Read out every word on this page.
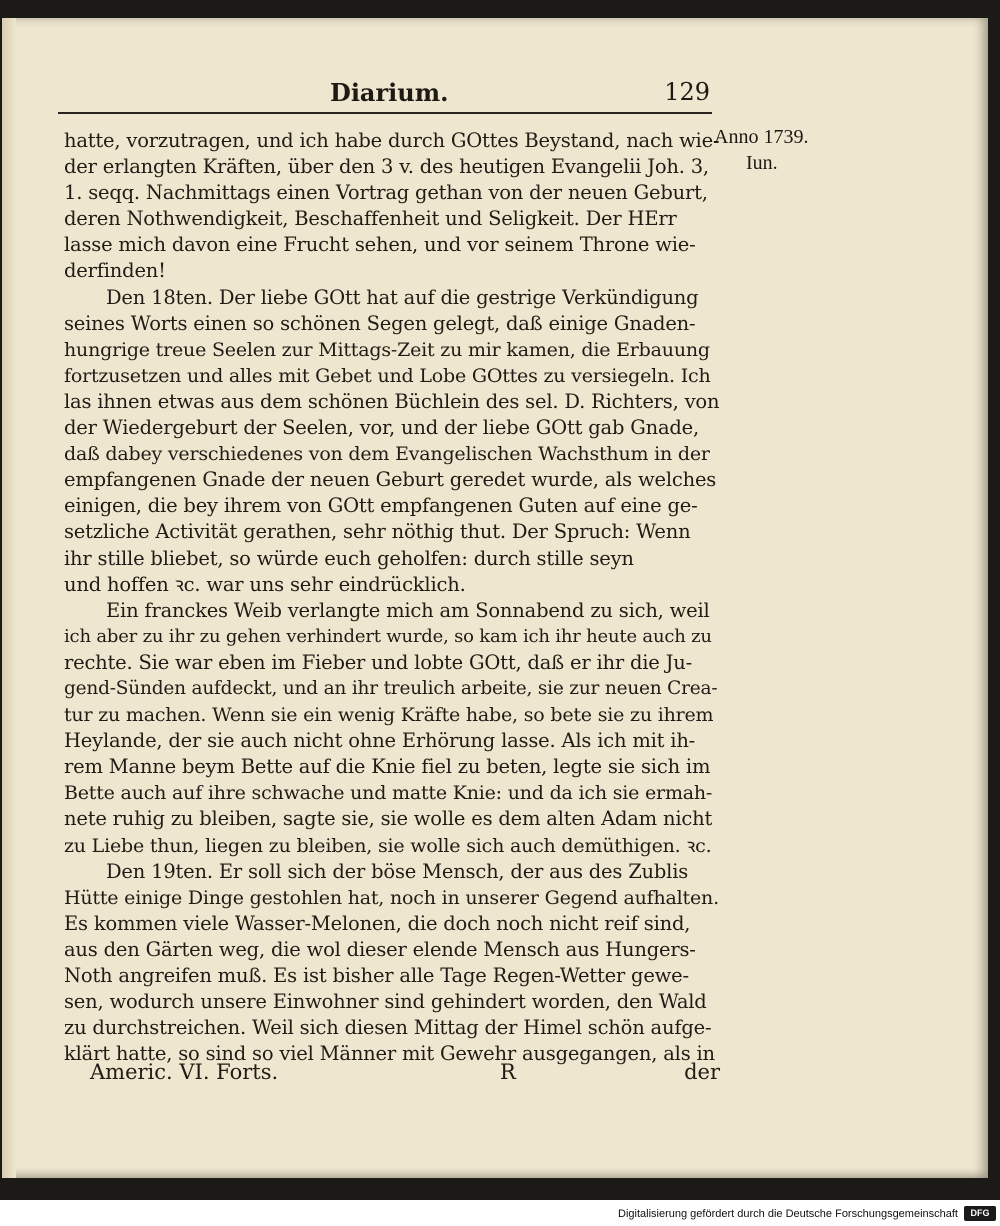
Diarium.	129
Anno 1739.
Iun.
hatte, vorzutragen, und ich habe durch GOttes Beystand, nach wie-
der erlangten Kräften, über den 3 v. des heutigen Evangelii Joh. 3,
1. seqq. Nachmittags einen Vortrag gethan von der neuen Geburt,
deren Nothwendigkeit, Beschaffenheit und Seligkeit. Der HErr
lasse mich davon eine Frucht sehen, und vor seinem Throne wie-
derfinden!
Den 18ten. Der liebe GOtt hat auf die gestrige Verkündigung
seines Worts einen so schönen Segen gelegt, daß einige Gnaden-
hungrige treue Seelen zur Mittags-Zeit zu mir kamen, die Erbauung
fortzusetzen und alles mit Gebet und Lobe GOttes zu versiegeln. Ich
las ihnen etwas aus dem schönen Büchlein des sel. D. Richters, von
der Wiedergeburt der Seelen, vor, und der liebe GOtt gab Gnade,
daß dabey verschiedenes von dem Evangelischen Wachsthum in der
empfangenen Gnade der neuen Geburt geredet wurde, als welches
einigen, die bey ihrem von GOtt empfangenen Guten auf eine ge-
setzliche Activität gerathen, sehr nöthig thut. Der Spruch: Wenn
ihr stille bliebet, so würde euch geholfen: durch stille seyn
und hoffen ꝛc. war uns sehr eindrücklich.
Ein franckes Weib verlangte mich am Sonnabend zu sich, weil
ich aber zu ihr zu gehen verhindert wurde, so kam ich ihr heute auch zu
rechte. Sie war eben im Fieber und lobte GOtt, daß er ihr die Ju-
gend-Sünden aufdeckt, und an ihr treulich arbeite, sie zur neuen Crea-
tur zu machen. Wenn sie ein wenig Kräfte habe, so bete sie zu ihrem
Heylande, der sie auch nicht ohne Erhörung lasse. Als ich mit ih-
rem Manne beym Bette auf die Knie fiel zu beten, legte sie sich im
Bette auch auf ihre schwache und matte Knie: und da ich sie ermah-
nete ruhig zu bleiben, sagte sie, sie wolle es dem alten Adam nicht
zu Liebe thun, liegen zu bleiben, sie wolle sich auch demüthigen. ꝛc.
Den 19ten. Er soll sich der böse Mensch, der aus des Zublis
Hütte einige Dinge gestohlen hat, noch in unserer Gegend aufhalten.
Es kommen viele Wasser-Melonen, die doch noch nicht reif sind,
aus den Gärten weg, die wol dieser elende Mensch aus Hungers-
Noth angreifen muß. Es ist bisher alle Tage Regen-Wetter gewe-
sen, wodurch unsere Einwohner sind gehindert worden, den Wald
zu durchstreichen. Weil sich diesen Mittag der Himel schön aufge-
klärt hatte, so sind so viel Männer mit Gewehr ausgegangen, als in
Americ. VI. Forts.	R	der
Digitalisierung gefördert durch die Deutsche Forschungsgemeinschaft	DFG
